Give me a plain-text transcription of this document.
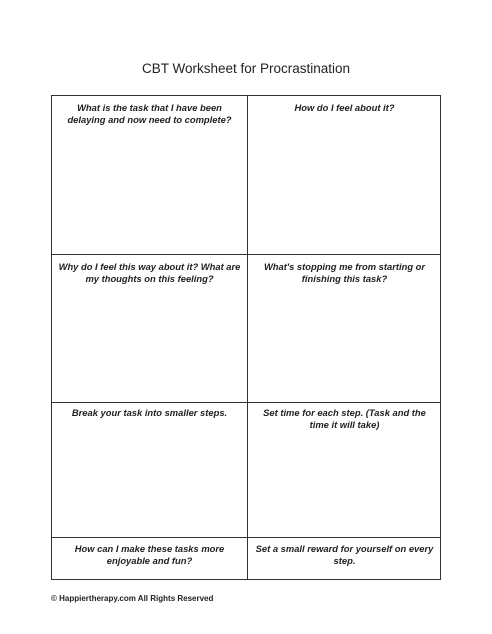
CBT Worksheet for Procrastination
What is the task that I have been delaying and now need to complete?
How do I feel about it?
Why do I feel this way about it? What are my thoughts on this feeling?
What's stopping me from starting or finishing this task?
Break your task into smaller steps.	Set time for each step. (Task and the time it will take)
How can I make these tasks more enjoyable and fun?
Set a small reward for yourself on every step.
© Happiertherapy.com All Rights Reserved
